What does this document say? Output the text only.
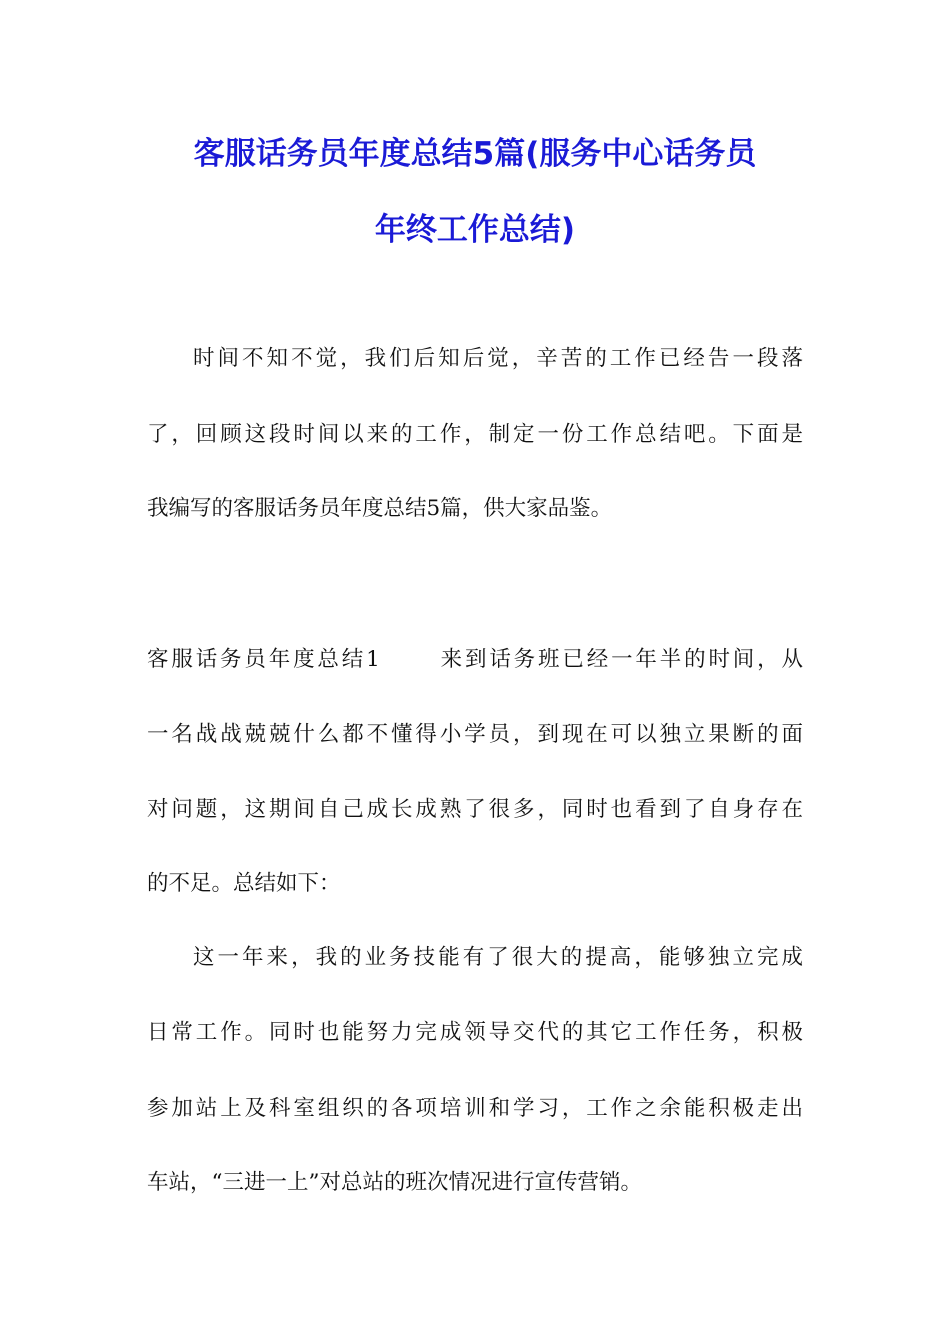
客服话务员年度总结5篇(服务中心话务员
年终工作总结)
时间不知不觉，我们后知后觉，辛苦的工作已经告一段落
了，回顾这段时间以来的工作，制定一份工作总结吧。下面是
我编写的客服话务员年度总结5篇，供大家品鉴。
客服话务员年度总结1	来到话务班已经一年半的时间，从
一名战战兢兢什么都不懂得小学员，到现在可以独立果断的面
对问题，这期间自己成长成熟了很多，同时也看到了自身存在
的不足。总结如下：
这一年来，我的业务技能有了很大的提高，能够独立完成
日常工作。同时也能努力完成领导交代的其它工作任务，积极
参加站上及科室组织的各项培训和学习，工作之余能积极走出
车站，“三进一上”对总站的班次情况进行宣传营销。
